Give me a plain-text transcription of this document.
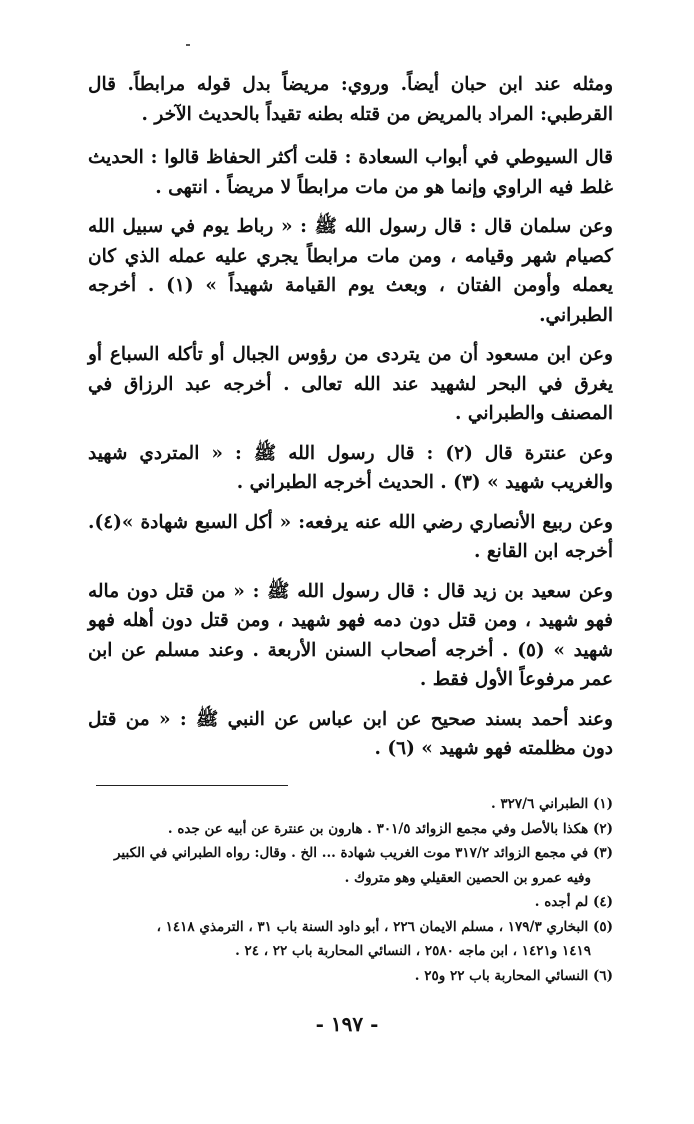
ومثله عند ابن حبان أيضاً. وروي: مريضاً بدل قوله مرابطاً. قال القرطبي: المراد بالمريض من قتله بطنه تقيداً بالحديث الآخر .

قال السيوطي في أبواب السعادة : قلت أكثر الحفاظ قالوا : الحديث غلط فيه الراوي وإنما هو من مات مرابطاً لا مريضاً . انتهى .

وعن سلمان قال : قال رسول الله ﷺ : « رباط يوم في سبيل الله كصيام شهر وقيامه ، ومن مات مرابطاً يجري عليه عمله الذي كان يعمله وأومن الفتان ، وبعث يوم القيامة شهيداً » (١) . أخرجه الطبراني.

وعن ابن مسعود أن من يتردى من رؤوس الجبال أو تأكله السباع أو يغرق في البحر لشهيد عند الله تعالى . أخرجه عبد الرزاق في المصنف والطبراني .

وعن عنترة قال (٢) : قال رسول الله ﷺ : « المتردي شهيد والغريب شهيد » (٣) . الحديث أخرجه الطبراني .

وعن ربيع الأنصاري رضي الله عنه يرفعه: « أكل السبع شهادة »(٤). أخرجه ابن القانع .

وعن سعيد بن زيد قال : قال رسول الله ﷺ : « من قتل دون ماله فهو شهيد ، ومن قتل دون دمه فهو شهيد ، ومن قتل دون أهله فهو شهيد » (٥) . أخرجه أصحاب السنن الأربعة . وعند مسلم عن ابن عمر مرفوعاً الأول فقط .

وعند أحمد بسند صحيح عن ابن عباس عن النبي ﷺ : « من قتل دون مظلمته فهو شهيد » (٦) .

(١) الطبراني ٣٢٧/٦ .

(٢) هكذا بالأصل وفي مجمع الزوائد ٣٠١/٥ . هارون بن عنترة عن أبيه عن جده .

(٣) في مجمع الزوائد ٣١٧/٢ موت الغريب شهادة ... الخ . وقال: رواه الطبراني في الكبير

وفيه عمرو بن الحصين العقيلي وهو متروك .

(٤) لم أجده .

(٥) البخاري ١٧٩/٣ ، مسلم الايمان ٢٢٦ ، أبو داود السنة باب ٣١ ، الترمذي ١٤١٨ ،

١٤١٩ و١٤٢١ ، ابن ماجه ٢٥٨٠ ، النسائي المحاربة باب ٢٢ ، ٢٤ .

(٦) النسائي المحاربة باب ٢٢ و٢٥ .

- ١٩٧ -
